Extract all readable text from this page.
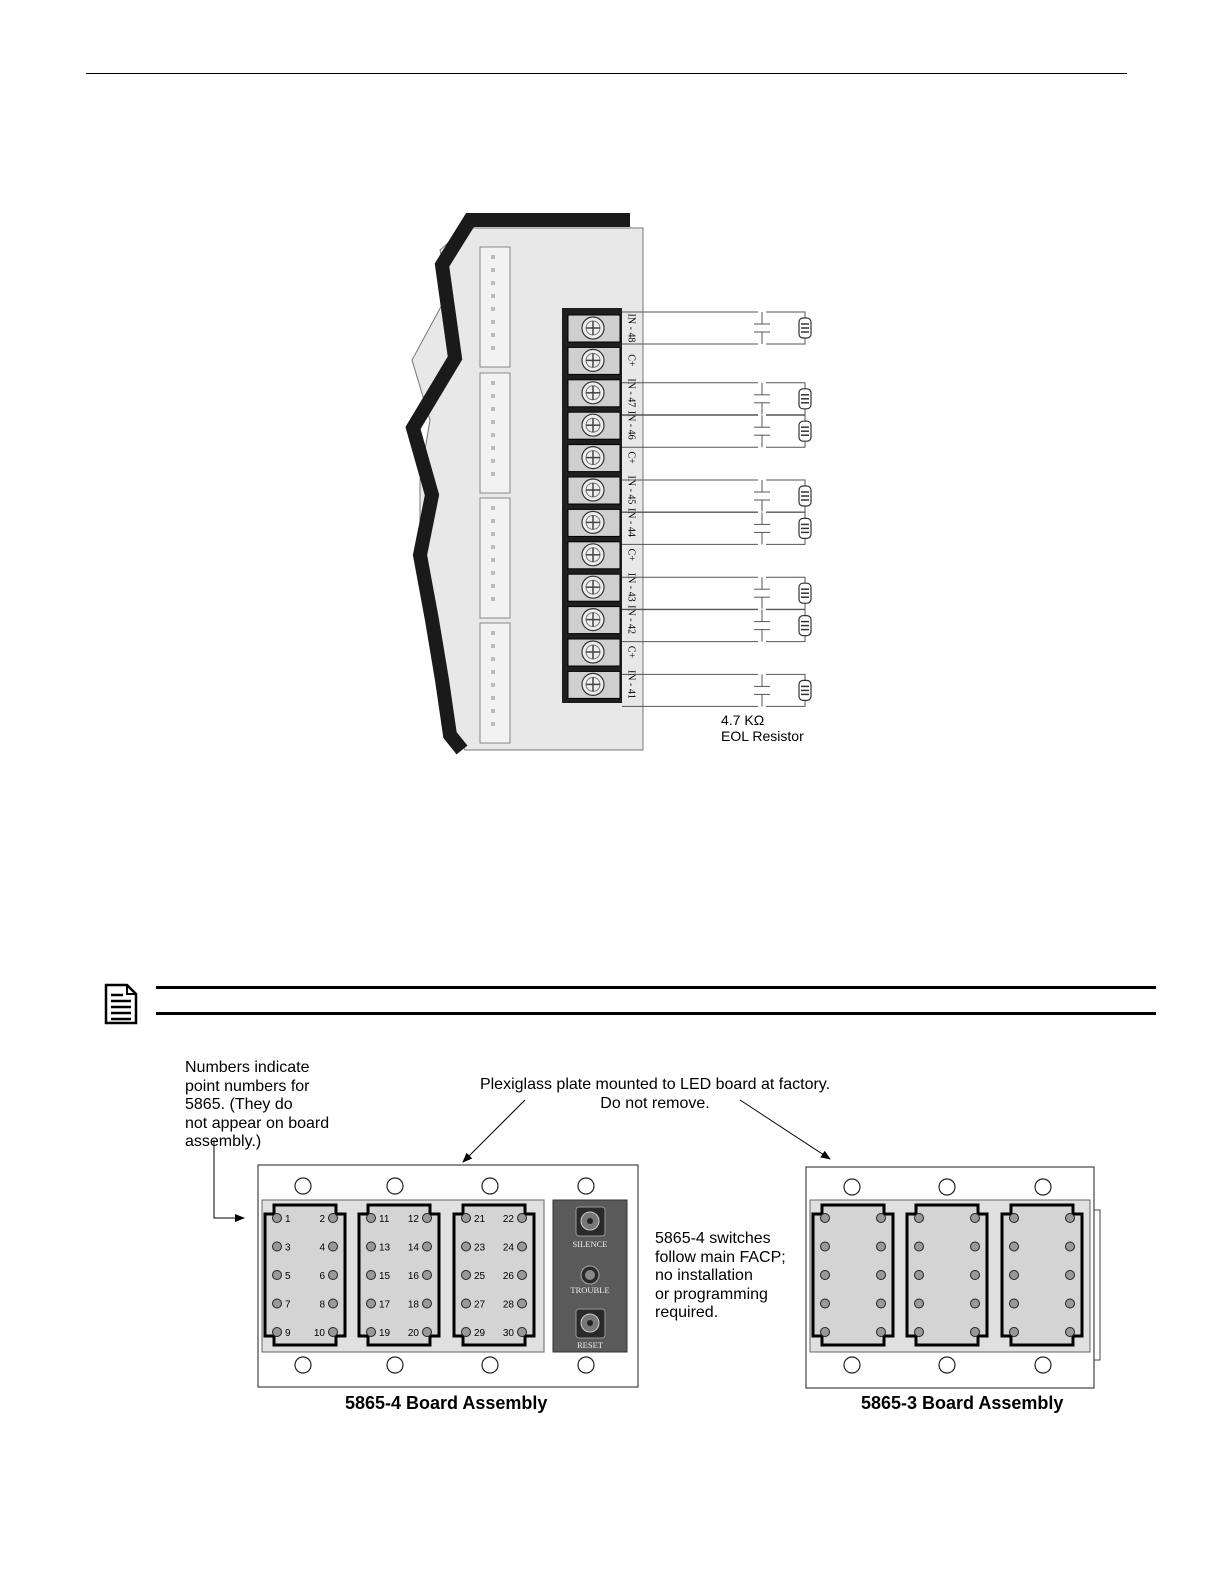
IN - 48
C+
IN - 47
IN - 46
C+
IN - 45
IN - 44
C+
IN - 43
IN - 42
C+
IN - 41
4.7 KΩ
EOL Resistor
Numbers indicate
point numbers for
5865. (They do
not appear on board
assembly.)
Plexiglass plate mounted to LED board at factory.
Do not remove.
5865-4 switches
follow main FACP;
no installation
or programming
required.
1	2
3	4
5	6
7	8
9 10
11 12
13 14
15 16
17 18
19 20
21 22
23 24
25 26
27 28
29 30
SILENCE
TROUBLE
RESET
5865-4 Board Assembly	5865-3 Board Assembly
